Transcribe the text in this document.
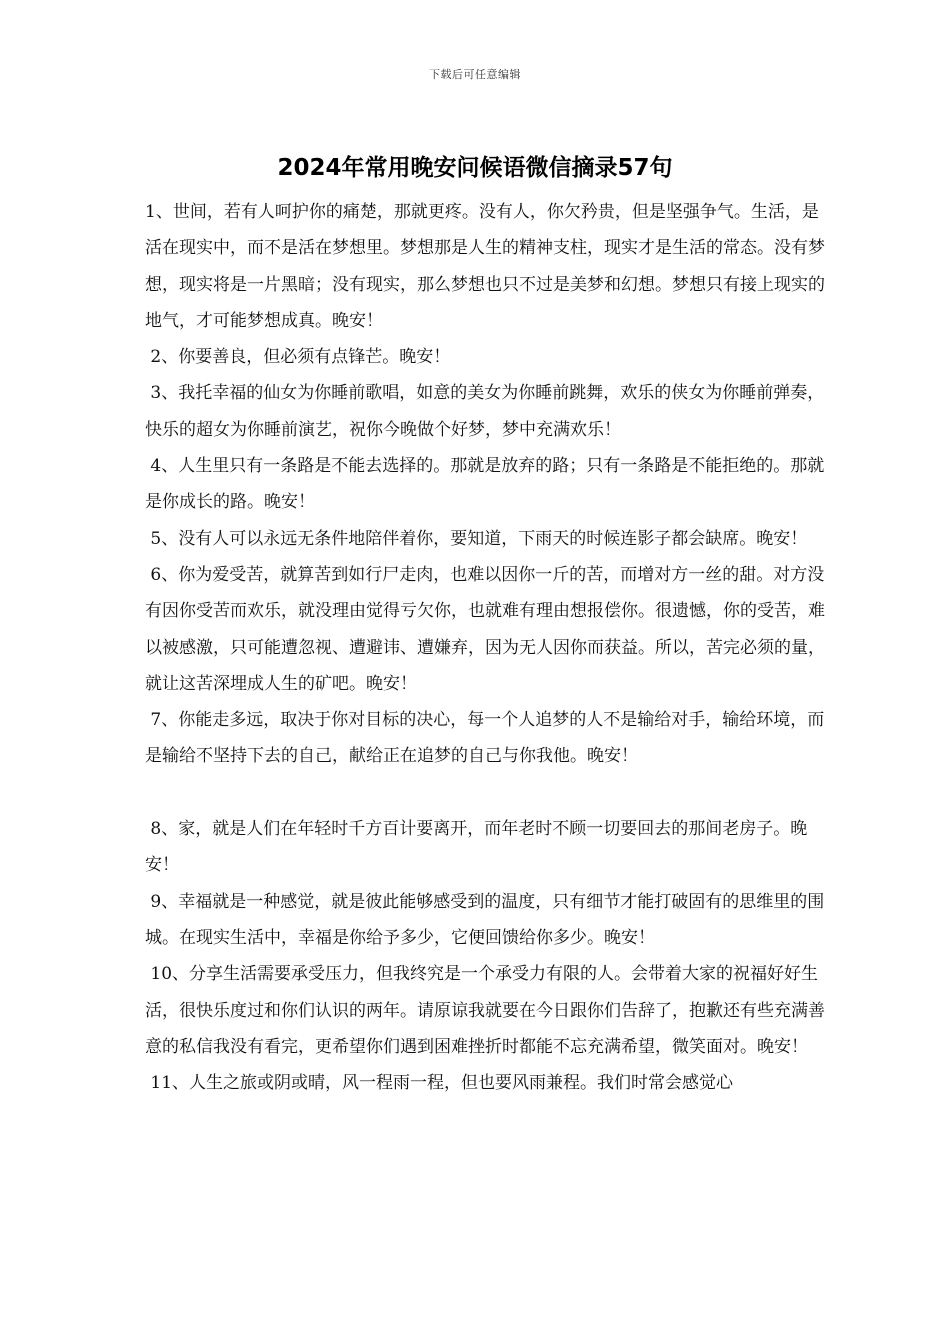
下载后可任意编辑
2024年常用晚安问候语微信摘录57句

1、世间，若有人呵护你的痛楚，那就更疼。没有人，你欠矜贵，但是坚强争气。生活，是活在现实中，而不是活在梦想里。梦想那是人生的精神支柱，现实才是生活的常态。没有梦想，现实将是一片黑暗；没有现实，那么梦想也只不过是美梦和幻想。梦想只有接上现实的地气，才可能梦想成真。晚安！

2、你要善良，但必须有点锋芒。晚安！

3、我托幸福的仙女为你睡前歌唱，如意的美女为你睡前跳舞，欢乐的侠女为你睡前弹奏，快乐的超女为你睡前演艺，祝你今晚做个好梦，梦中充满欢乐！

4、人生里只有一条路是不能去选择的。那就是放弃的路；只有一条路是不能拒绝的。那就是你成长的路。晚安！

5、没有人可以永远无条件地陪伴着你，要知道，下雨天的时候连影子都会缺席。晚安！

6、你为爱受苦，就算苦到如行尸走肉，也难以因你一斤的苦，而增对方一丝的甜。对方没有因你受苦而欢乐，就没理由觉得亏欠你，也就难有理由想报偿你。很遗憾，你的受苦，难以被感激，只可能遭忽视、遭避讳、遭嫌弃，因为无人因你而获益。所以，苦完必须的量，就让这苦深埋成人生的矿吧。晚安！

7、你能走多远，取决于你对目标的决心，每一个人追梦的人不是输给对手，输给环境，而是输给不坚持下去的自己，献给正在追梦的自己与你我他。晚安！

8、家，就是人们在年轻时千方百计要离开，而年老时不顾一切要回去的那间老房子。晚安！

9、幸福就是一种感觉，就是彼此能够感受到的温度，只有细节才能打破固有的思维里的围城。在现实生活中，幸福是你给予多少，它便回馈给你多少。晚安！

10、分享生活需要承受压力，但我终究是一个承受力有限的人。会带着大家的祝福好好生活，很快乐度过和你们认识的两年。请原谅我就要在今日跟你们告辞了，抱歉还有些充满善意的私信我没有看完，更希望你们遇到困难挫折时都能不忘充满希望，微笑面对。晚安！

11、人生之旅或阴或晴，风一程雨一程，但也要风雨兼程。我们时常会感觉心
